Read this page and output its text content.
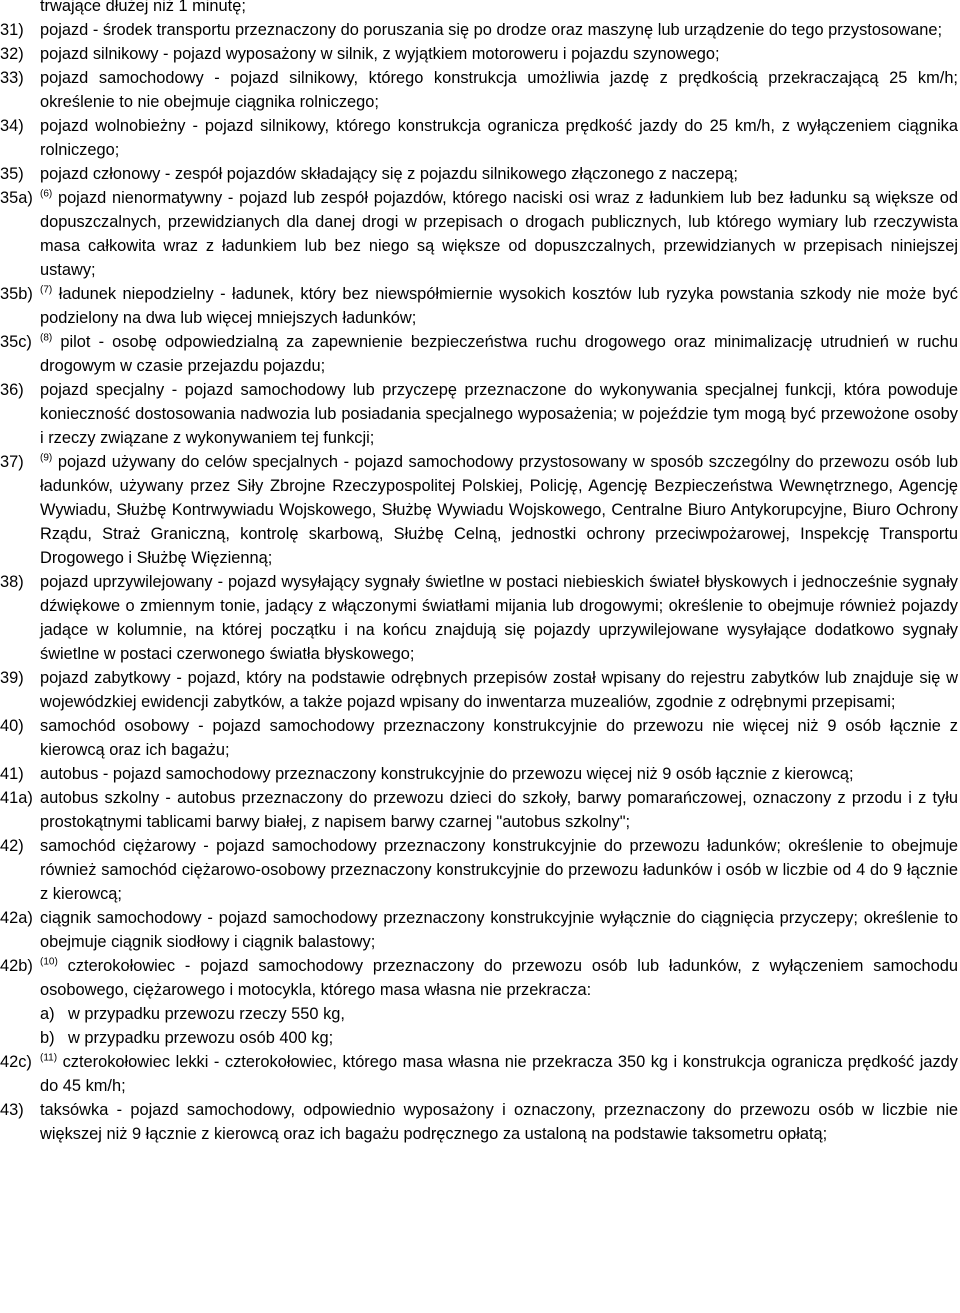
trwające dłużej niż 1 minutę;
31) pojazd - środek transportu przeznaczony do poruszania się po drodze oraz maszynę lub urządzenie do tego przystosowane;
32) pojazd silnikowy - pojazd wyposażony w silnik, z wyjątkiem motoroweru i pojazdu szynowego;
33) pojazd samochodowy - pojazd silnikowy, którego konstrukcja umożliwia jazdę z prędkością przekraczającą 25 km/h; określenie to nie obejmuje ciągnika rolniczego;
34) pojazd wolnobieżny - pojazd silnikowy, którego konstrukcja ogranicza prędkość jazdy do 25 km/h, z wyłączeniem ciągnika rolniczego;
35) pojazd członowy - zespół pojazdów składający się z pojazdu silnikowego złączonego z naczepą;
35a) $^{(6)}$ pojazd nienormatywny - pojazd lub zespół pojazdów, którego naciski osi wraz z ładunkiem lub bez ładunku są większe od dopuszczalnych, przewidzianych dla danej drogi w przepisach o drogach publicznych, lub którego wymiary lub rzeczywista masa całkowita wraz z ładunkiem lub bez niego są większe od dopuszczalnych, przewidzianych w przepisach niniejszej ustawy;
35b) $^{(7)}$ ładunek niepodzielny - ładunek, który bez niewspółmiernie wysokich kosztów lub ryzyka powstania szkody nie może być podzielony na dwa lub więcej mniejszych ładunków;
35c) $^{(8)}$ pilot - osobę odpowiedzialną za zapewnienie bezpieczeństwa ruchu drogowego oraz minimalizację utrudnień w ruchu drogowym w czasie przejazdu pojazdu;
36) pojazd specjalny - pojazd samochodowy lub przyczepę przeznaczone do wykonywania specjalnej funkcji, która powoduje konieczność dostosowania nadwozia lub posiadania specjalnego wyposażenia; w pojeździe tym mogą być przewożone osoby i rzeczy związane z wykonywaniem tej funkcji;
37) $^{(9)}$ pojazd używany do celów specjalnych - pojazd samochodowy przystosowany w sposób szczególny do przewozu osób lub ładunków, używany przez Siły Zbrojne Rzeczypospolitej Polskiej, Policję, Agencję Bezpieczeństwa Wewnętrznego, Agencję Wywiadu, Służbę Kontrwywiadu Wojskowego, Służbę Wywiadu Wojskowego, Centralne Biuro Antykorupcyjne, Biuro Ochrony Rządu, Straż Graniczną, kontrolę skarbową, Służbę Celną, jednostki ochrony przeciwpożarowej, Inspekcję Transportu Drogowego i Służbę Więzienną;
38) pojazd uprzywilejowany - pojazd wysyłający sygnały świetlne w postaci niebieskich świateł błyskowych i jednocześnie sygnały dźwiękowe o zmiennym tonie, jadący z włączonymi światłami mijania lub drogowymi; określenie to obejmuje również pojazdy jadące w kolumnie, na której początku i na końcu znajdują się pojazdy uprzywilejowane wysyłające dodatkowo sygnały świetlne w postaci czerwonego światła błyskowego;
39) pojazd zabytkowy - pojazd, który na podstawie odrębnych przepisów został wpisany do rejestru zabytków lub znajduje się w wojewódzkiej ewidencji zabytków, a także pojazd wpisany do inwentarza muzealiów, zgodnie z odrębnymi przepisami;
40) samochód osobowy - pojazd samochodowy przeznaczony konstrukcyjnie do przewozu nie więcej niż 9 osób łącznie z kierowcą oraz ich bagażu;
41) autobus - pojazd samochodowy przeznaczony konstrukcyjnie do przewozu więcej niż 9 osób łącznie z kierowcą;
41a) autobus szkolny - autobus przeznaczony do przewozu dzieci do szkoły, barwy pomarańczowej, oznaczony z przodu i z tyłu prostokątnymi tablicami barwy białej, z napisem barwy czarnej "autobus szkolny";
42) samochód ciężarowy - pojazd samochodowy przeznaczony konstrukcyjnie do przewozu ładunków; określenie to obejmuje również samochód ciężarowo-osobowy przeznaczony konstrukcyjnie do przewozu ładunków i osób w liczbie od 4 do 9 łącznie z kierowcą;
42a) ciągnik samochodowy - pojazd samochodowy przeznaczony konstrukcyjnie wyłącznie do ciągnięcia przyczepy; określenie to obejmuje ciągnik siodłowy i ciągnik balastowy;
42b) $^{(10)}$ czterokołowiec - pojazd samochodowy przeznaczony do przewozu osób lub ładunków, z wyłączeniem samochodu osobowego, ciężarowego i motocykla, którego masa własna nie przekracza:
a) w przypadku przewozu rzeczy 550 kg,
b) w przypadku przewozu osób 400 kg;
42c) $^{(11)}$ czterokołowiec lekki - czterokołowiec, którego masa własna nie przekracza 350 kg i konstrukcja ogranicza prędkość jazdy do 45 km/h;
43) taksówka - pojazd samochodowy, odpowiednio wyposażony i oznaczony, przeznaczony do przewozu osób w liczbie nie większej niż 9 łącznie z kierowcą oraz ich bagażu podręcznego za ustaloną na podstawie taksometru opłatą;
